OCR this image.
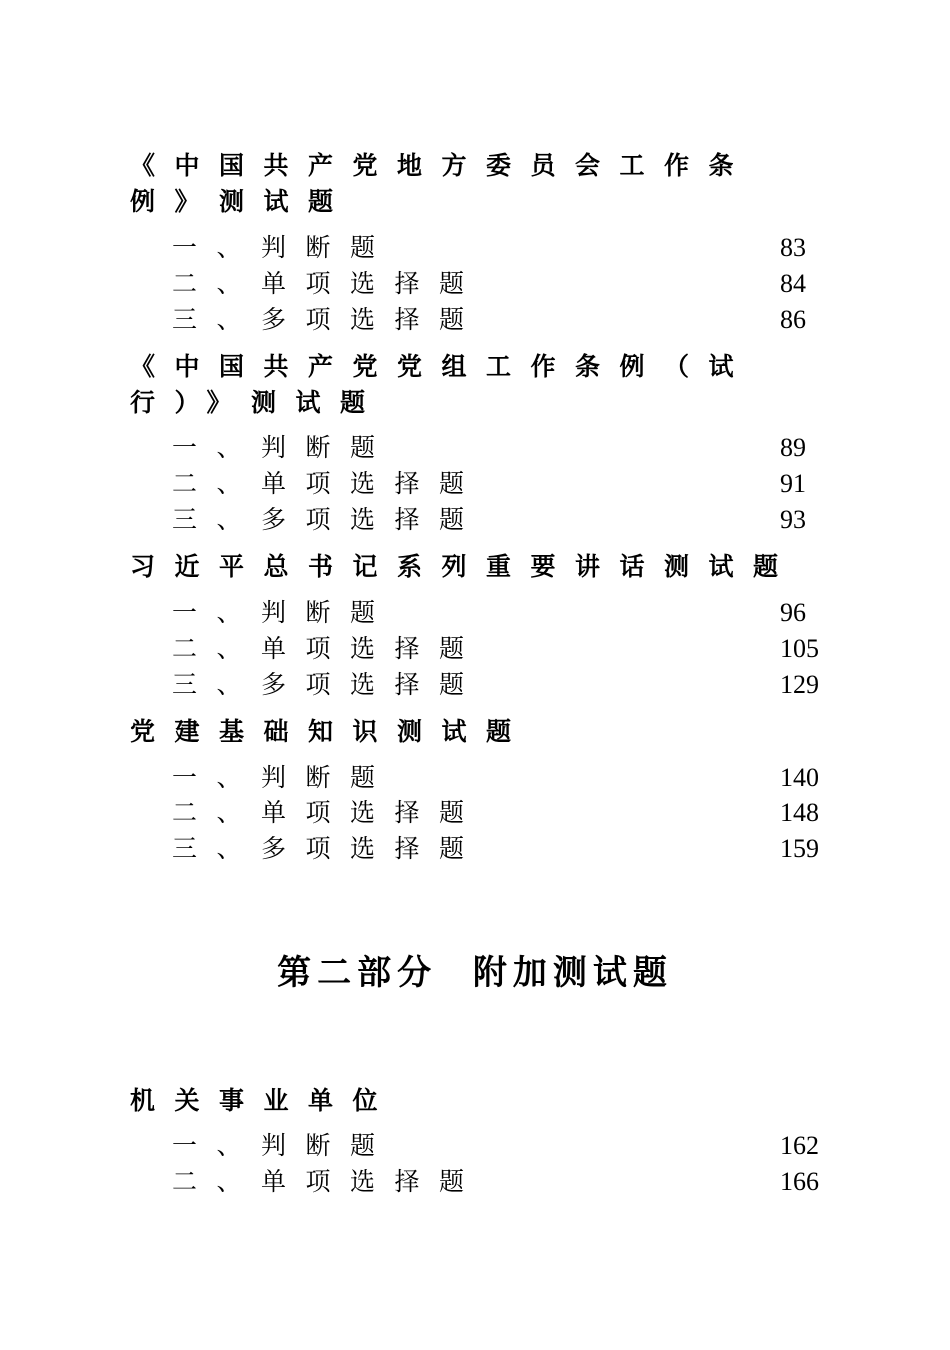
《中国共产党地方委员会工作条例》测试题
一、判断题	83
二、单项选择题	84
三、多项选择题	86
《中国共产党党组工作条例（试行）》测试题
一、判断题	89
二、单项选择题	91
三、多项选择题	93
习近平总书记系列重要讲话测试题
一、判断题	96
二、单项选择题	105
三、多项选择题	129
党建基础知识测试题
一、判断题	140
二、单项选择题	148
三、多项选择题	159
第二部分  附加测试题
机关事业单位
一、判断题	162
二、单项选择题	166
